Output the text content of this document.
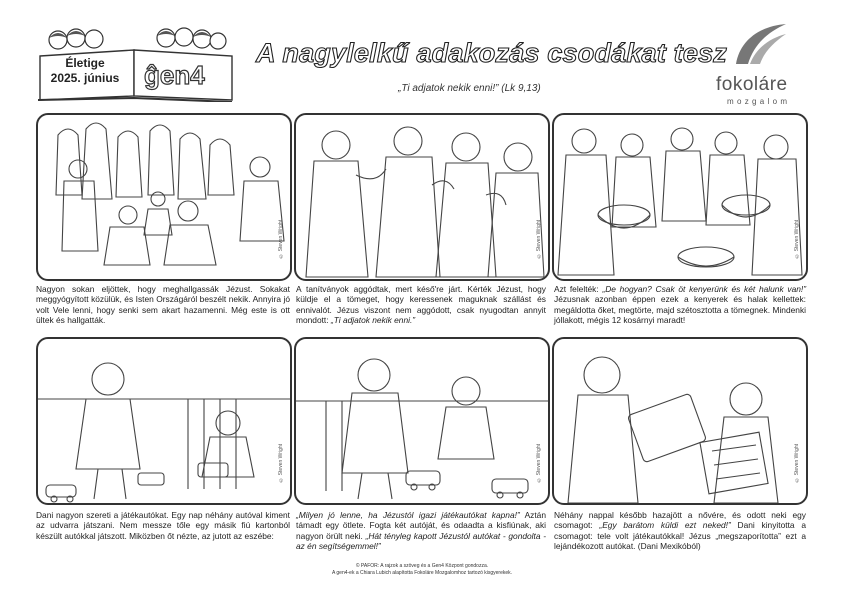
ĝen4
Életige
2025. június
A nagylelkű adakozás csodákat tesz
„Ti adjatok nekik enni!” (Lk 9,13)	fokoláre
mozgalom
© Steven Wright
Nagyon sokan eljöttek, hogy meghallgassák Jézust. Sokakat meggyógyított közülük, és Isten Országáról beszélt nekik. Annyira jó volt Vele lenni, hogy senki sem akart hazamenni. Még este is ott ültek és hallgatták.
© Steven Wright
A tanítványok aggódtak, mert késő're járt. Kérték Jézust, hogy küldje el a tömeget, hogy keressenek maguknak szállást és ennivalót. Jézus viszont nem aggódott, csak nyugodtan annyit mondott: „Ti adjatok nekik enni.”
© Steven Wright
Azt felelték: „De hogyan? Csak öt kenyerünk és két halunk van!” Jézusnak azonban éppen ezek a kenyerek és halak kellettek: megáldotta őket, megtörte, majd szétosztotta a tömegnek. Mindenki jóllakott, mégis 12 kosárnyi maradt!
© Steven Wright
Dani nagyon szereti a játékautókat. Egy nap néhány autóval kiment az udvarra játszani. Nem messze tőle egy másik fiú kartonból készült autókkal játszott. Miközben őt nézte, az jutott az eszébe:
© Steven Wright
„Milyen jó lenne, ha Jézustól igazi játékautókat kapna!” Aztán támadt egy ötlete. Fogta két autóját, és odaadta a kisfiúnak, aki nagyon örült neki. „Hát tényleg kapott Jézustól autókat - gondolta - az én segítségemmel!”
© Steven Wright
Néhány nappal később hazajött a nővére, és odott neki egy csomagot: „Egy barátom küldi ezt neked!” Dani kinyitotta a csomagot: tele volt játékautókkal! Jézus „megszaporította” ezt a lejándékozott autókat. (Dani Mexikóból)
© PAFOR: A rajzok a szöveg és a Gen4 Központ gondozza.
A gen4-ek a Chiara Lubich alapította Fokoláre Mozgalomhoz tartozó kisgyerekek.
